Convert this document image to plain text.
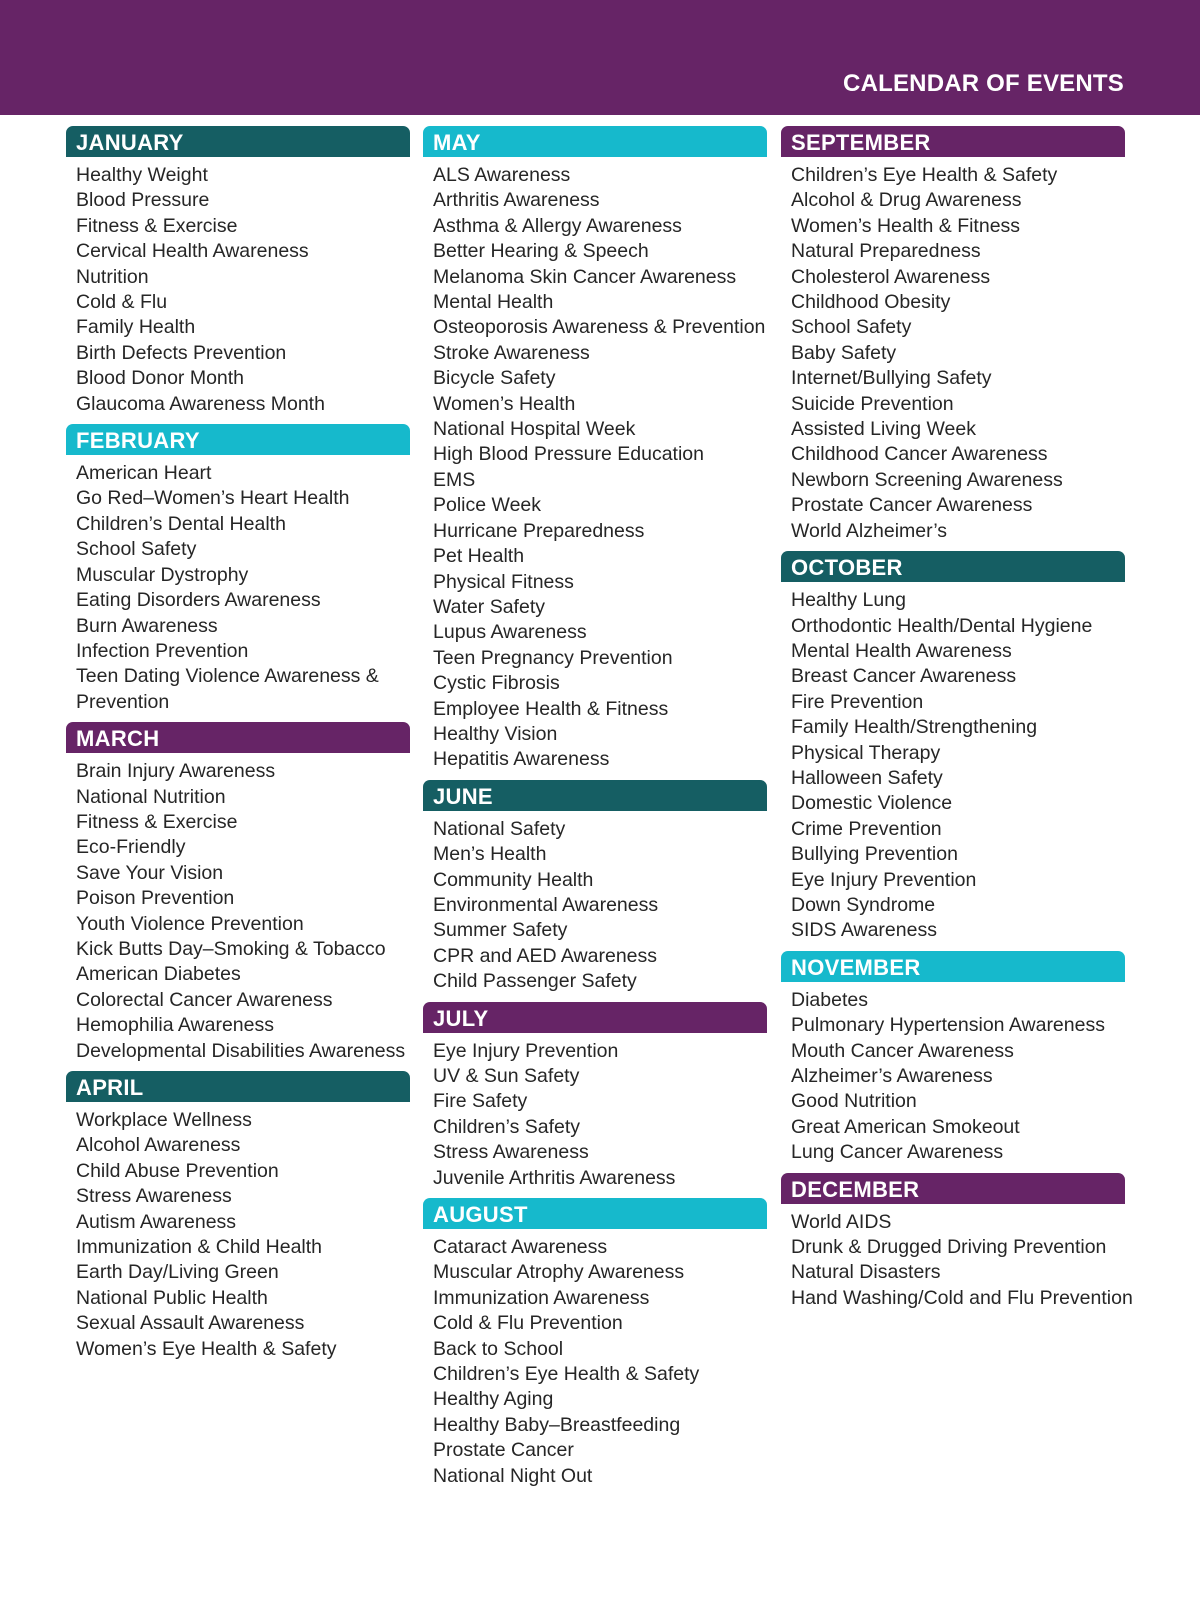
CALENDAR OF EVENTS
JANUARY
Healthy Weight
Blood Pressure
Fitness & Exercise
Cervical Health Awareness
Nutrition
Cold & Flu
Family Health
Birth Defects Prevention
Blood Donor Month
Glaucoma Awareness Month
FEBRUARY
American Heart
Go Red–Women’s Heart Health
Children’s Dental Health
School Safety
Muscular Dystrophy
Eating Disorders Awareness
Burn Awareness
Infection Prevention
Teen Dating Violence Awareness & Prevention
MARCH
Brain Injury Awareness
National Nutrition
Fitness & Exercise
Eco-Friendly
Save Your Vision
Poison Prevention
Youth Violence Prevention
Kick Butts Day–Smoking & Tobacco
American Diabetes
Colorectal Cancer Awareness
Hemophilia Awareness
Developmental Disabilities Awareness
APRIL
Workplace Wellness
Alcohol Awareness
Child Abuse Prevention
Stress Awareness
Autism Awareness
Immunization & Child Health
Earth Day/Living Green
National Public Health
Sexual Assault Awareness
Women’s Eye Health & Safety
MAY
ALS Awareness
Arthritis Awareness
Asthma & Allergy Awareness
Better Hearing & Speech
Melanoma Skin Cancer Awareness
Mental Health
Osteoporosis Awareness & Prevention
Stroke Awareness
Bicycle Safety
Women’s Health
National Hospital Week
High Blood Pressure Education
EMS
Police Week
Hurricane Preparedness
Pet Health
Physical Fitness
Water Safety
Lupus Awareness
Teen Pregnancy Prevention
Cystic Fibrosis
Employee Health & Fitness
Healthy Vision
Hepatitis Awareness
JUNE
National Safety
Men’s Health
Community Health
Environmental Awareness
Summer Safety
CPR and AED Awareness
Child Passenger Safety
JULY
Eye Injury Prevention
UV & Sun Safety
Fire Safety
Children’s Safety
Stress Awareness
Juvenile Arthritis Awareness
AUGUST
Cataract Awareness
Muscular Atrophy Awareness
Immunization Awareness
Cold & Flu Prevention
Back to School
Children’s Eye Health & Safety
Healthy Aging
Healthy Baby–Breastfeeding
Prostate Cancer
National Night Out
SEPTEMBER
Children’s Eye Health & Safety
Alcohol & Drug Awareness
Women’s Health & Fitness
Natural Preparedness
Cholesterol Awareness
Childhood Obesity
School Safety
Baby Safety
Internet/Bullying Safety
Suicide Prevention
Assisted Living Week
Childhood Cancer Awareness
Newborn Screening Awareness
Prostate Cancer Awareness
World Alzheimer’s
OCTOBER
Healthy Lung
Orthodontic Health/Dental Hygiene
Mental Health Awareness
Breast Cancer Awareness
Fire Prevention
Family Health/Strengthening
Physical Therapy
Halloween Safety
Domestic Violence
Crime Prevention
Bullying Prevention
Eye Injury Prevention
Down Syndrome
SIDS Awareness
NOVEMBER
Diabetes
Pulmonary Hypertension Awareness
Mouth Cancer Awareness
Alzheimer’s Awareness
Good Nutrition
Great American Smokeout
Lung Cancer Awareness
DECEMBER
World AIDS
Drunk & Drugged Driving Prevention
Natural Disasters
Hand Washing/Cold and Flu Prevention
